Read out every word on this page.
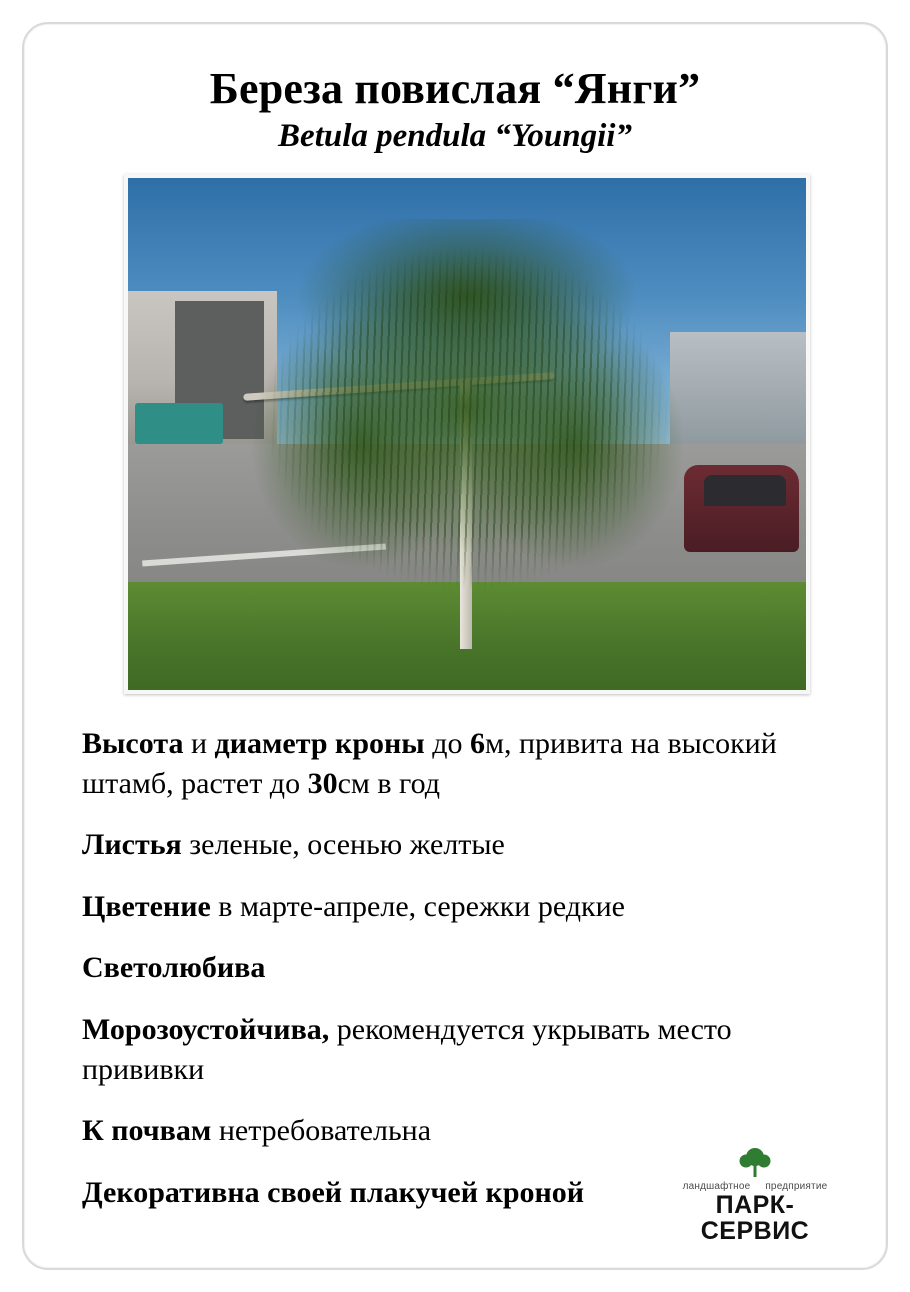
Береза повислая “Янги”
Betula pendula “Youngii”
Высота и диаметр кроны до 6м, привита на высокий штамб, растет до 30см в год
Листья зеленые, осенью желтые
Цветение в марте-апреле, сережки редкие
Светолюбива
Морозоустойчива, рекомендуется укрывать место прививки
К почвам нетребовательна
Декоративна своей плакучей кроной	ландшафтное предприятие
ПАРК-СЕРВИС
